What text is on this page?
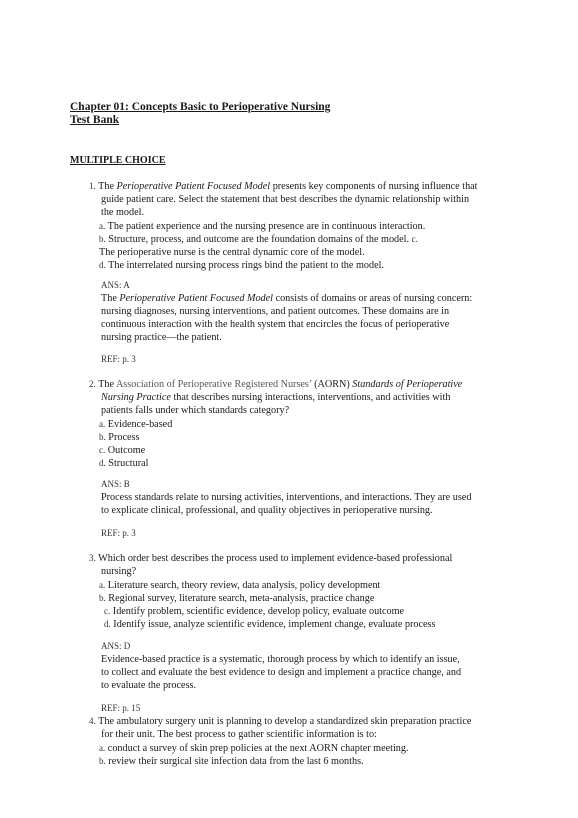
Chapter 01: Concepts Basic to Perioperative Nursing
Test Bank
MULTIPLE CHOICE
1. The Perioperative Patient Focused Model presents key components of nursing influence that
guide patient care. Select the statement that best describes the dynamic relationship within
the model.
a. The patient experience and the nursing presence are in continuous interaction.
b. Structure, process, and outcome are the foundation domains of the model. c.
The perioperative nurse is the central dynamic core of the model.
d. The interrelated nursing process rings bind the patient to the model.
ANS: A
The Perioperative Patient Focused Model consists of domains or areas of nursing concern:
nursing diagnoses, nursing interventions, and patient outcomes. These domains are in
continuous interaction with the health system that encircles the focus of perioperative
nursing practice—the patient.
REF: p. 3
2. The Association of Perioperative Registered Nurses’ (AORN) Standards of Perioperative
Nursing Practice that describes nursing interactions, interventions, and activities with
patients falls under which standards category?
a. Evidence-based
b. Process
c. Outcome
d. Structural
ANS: B
Process standards relate to nursing activities, interventions, and interactions. They are used
to explicate clinical, professional, and quality objectives in perioperative nursing.
REF: p. 3
3. Which order best describes the process used to implement evidence-based professional
nursing?
a. Literature search, theory review, data analysis, policy development
b. Regional survey, literature search, meta-analysis, practice change
c. Identify problem, scientific evidence, develop policy, evaluate outcome
d. Identify issue, analyze scientific evidence, implement change, evaluate process
ANS: D
Evidence-based practice is a systematic, thorough process by which to identify an issue,
to collect and evaluate the best evidence to design and implement a practice change, and
to evaluate the process.
REF: p. 15
4. The ambulatory surgery unit is planning to develop a standardized skin preparation practice
for their unit. The best process to gather scientific information is to:
a. conduct a survey of skin prep policies at the next AORN chapter meeting.
b. review their surgical site infection data from the last 6 months.
